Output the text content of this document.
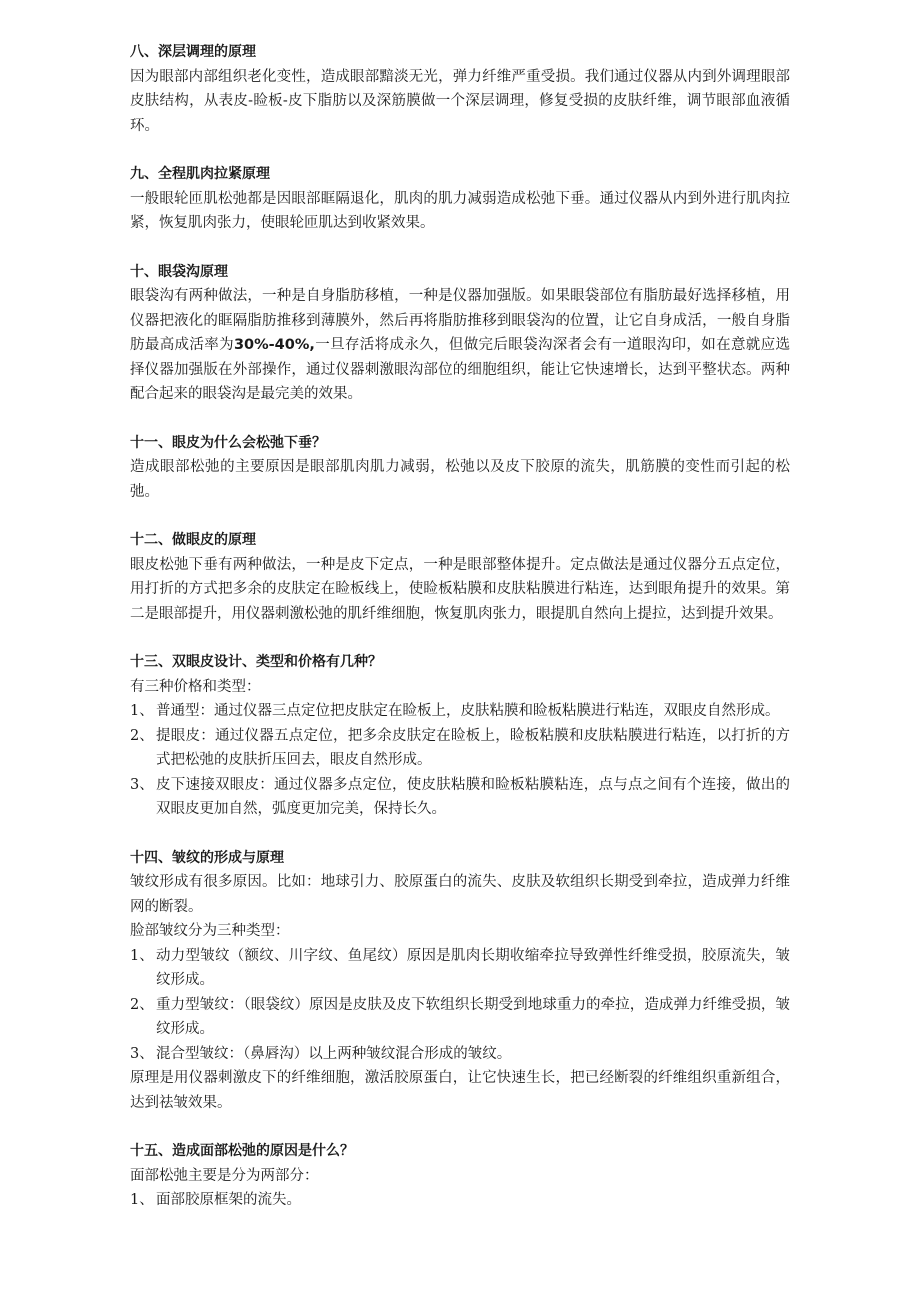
八、深层调理的原理

因为眼部内部组织老化变性，造成眼部黯淡无光，弹力纤维严重受损。我们通过仪器从内到外调理眼部皮肤结构，从表皮-睑板-皮下脂肪以及深筋膜做一个深层调理，修复受损的皮肤纤维，调节眼部血液循环。

九、全程肌肉拉紧原理

一般眼轮匝肌松弛都是因眼部眶隔退化，肌肉的肌力减弱造成松弛下垂。通过仪器从内到外进行肌肉拉紧，恢复肌肉张力，使眼轮匝肌达到收紧效果。

十、眼袋沟原理

眼袋沟有两种做法，一种是自身脂肪移植，一种是仪器加强版。如果眼袋部位有脂肪最好选择移植，用仪器把液化的眶隔脂肪推移到薄膜外，然后再将脂肪推移到眼袋沟的位置，让它自身成活，一般自身脂肪最高成活率为30%-40%,一旦存活将成永久，但做完后眼袋沟深者会有一道眼沟印，如在意就应选择仪器加强版在外部操作，通过仪器刺激眼沟部位的细胞组织，能让它快速增长，达到平整状态。两种配合起来的眼袋沟是最完美的效果。

十一、眼皮为什么会松弛下垂？

造成眼部松弛的主要原因是眼部肌肉肌力减弱，松弛以及皮下胶原的流失，肌筋膜的变性而引起的松弛。

十二、做眼皮的原理

眼皮松弛下垂有两种做法，一种是皮下定点，一种是眼部整体提升。定点做法是通过仪器分五点定位，用打折的方式把多余的皮肤定在睑板线上，使睑板粘膜和皮肤粘膜进行粘连，达到眼角提升的效果。第二是眼部提升，用仪器刺激松弛的肌纤维细胞，恢复肌肉张力，眼提肌自然向上提拉，达到提升效果。

十三、双眼皮设计、类型和价格有几种？

有三种价格和类型：

1、 普通型：通过仪器三点定位把皮肤定在睑板上，皮肤粘膜和睑板粘膜进行粘连，双眼皮自然形成。
2、 提眼皮：通过仪器五点定位，把多余皮肤定在睑板上，睑板粘膜和皮肤粘膜进行粘连，以打折的方式把松弛的皮肤折压回去，眼皮自然形成。
3、 皮下速接双眼皮：通过仪器多点定位，使皮肤粘膜和睑板粘膜粘连，点与点之间有个连接，做出的双眼皮更加自然，弧度更加完美，保持长久。

十四、皱纹的形成与原理

皱纹形成有很多原因。比如：地球引力、胶原蛋白的流失、皮肤及软组织长期受到牵拉，造成弹力纤维网的断裂。

脸部皱纹分为三种类型：

1、 动力型皱纹（额纹、川字纹、鱼尾纹）原因是肌肉长期收缩牵拉导致弹性纤维受损，胶原流失，皱纹形成。
2、 重力型皱纹：（眼袋纹）原因是皮肤及皮下软组织长期受到地球重力的牵拉，造成弹力纤维受损，皱纹形成。
3、 混合型皱纹：（鼻唇沟）以上两种皱纹混合形成的皱纹。

原理是用仪器刺激皮下的纤维细胞，激活胶原蛋白，让它快速生长，把已经断裂的纤维组织重新组合，达到祛皱效果。

十五、造成面部松弛的原因是什么？

面部松弛主要是分为两部分：

1、 面部胶原框架的流失。
